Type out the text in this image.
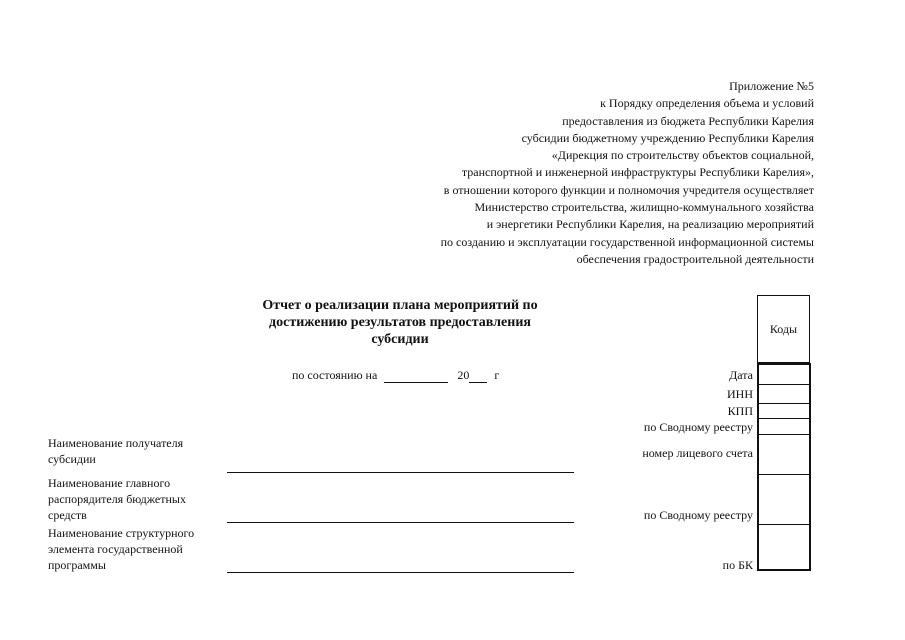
Приложение №5
к Порядку определения объема и условий
предоставления из бюджета Республики Карелия
субсидии бюджетному учреждению Республики Карелия
«Дирекция по строительству объектов социальной,
транспортной и инженерной инфраструктуры Республики Карелия»,
в отношении которого функции и полномочия учредителя осуществляет
Министерство строительства, жилищно-коммунального хозяйства
и энергетики Республики Карелия, на реализацию мероприятий
по созданию и эксплуатации государственной информационной системы
обеспечения градостроительной деятельности
Отчет о реализации плана мероприятий по
достижению результатов предоставления
субсидии
по состоянию на	20 г
Коды
Дата
ИНН
КПП
по Сводному реестру
номер лицевого счета
по Сводному реестру
по БК
Наименование получателя
субсидии
Наименование главного
распорядителя бюджетных
средств
Наименование структурного
элемента государственной
программы
